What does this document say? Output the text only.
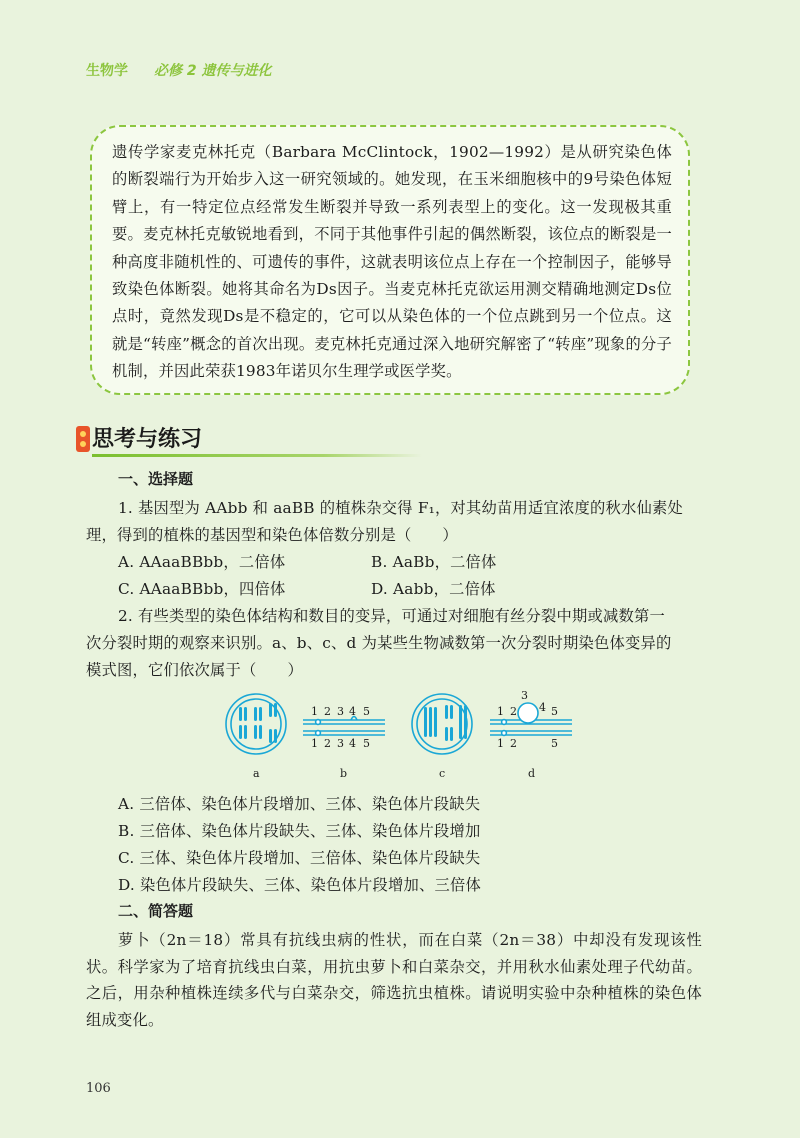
生物学 必修 2 遗传与进化

遗传学家麦克林托克（Barbara McClintock，1902—1992）是从研究染色体的断裂端行为开始步入这一研究领域的。她发现，在玉米细胞核中的9号染色体短臂上，有一特定位点经常发生断裂并导致一系列表型上的变化。这一发现极其重要。麦克林托克敏锐地看到，不同于其他事件引起的偶然断裂，该位点的断裂是一种高度非随机性的、可遗传的事件，这就表明该位点上存在一个控制因子，能够导致染色体断裂。她将其命名为Ds因子。当麦克林托克欲运用测交精确地测定Ds位点时，竟然发现Ds是不稳定的，它可以从染色体的一个位点跳到另一个位点。这就是“转座”概念的首次出现。麦克林托克通过深入地研究解密了“转座”现象的分子机制，并因此荣获1983年诺贝尔生理学或医学奖。

思考与练习
一、选择题
1. 基因型为 AAbb 和 aaBB 的植株杂交得 F₁，对其幼苗用适宜浓度的秋水仙素处
理，得到的植株的基因型和染色体倍数分别是（　　）
A. AAaaBBbb，二倍体	B. AaBb，二倍体
C. AAaaBBbb，四倍体	D. Aabb，二倍体
2. 有些类型的染色体结构和数目的变异，可通过对细胞有丝分裂中期或减数第一
次分裂时期的观察来识别。a、b、c、d 为某些生物减数第一次分裂时期染色体变异的
模式图，它们依次属于（　　）
1 2 3 4 5
1 2 3 4 5
1 2
3
4 5
1 2	5
a	b	c	d
A. 三倍体、染色体片段增加、三体、染色体片段缺失
B. 三倍体、染色体片段缺失、三体、染色体片段增加
C. 三体、染色体片段增加、三倍体、染色体片段缺失
D. 染色体片段缺失、三体、染色体片段增加、三倍体
二、简答题

萝卜（2n＝18）常具有抗线虫病的性状，而在白菜（2n＝38）中却没有发现该性状。科学家为了培育抗线虫白菜，用抗虫萝卜和白菜杂交，并用秋水仙素处理子代幼苗。之后，用杂种植株连续多代与白菜杂交，筛选抗虫植株。请说明实验中杂种植株的染色体组成变化。

106
